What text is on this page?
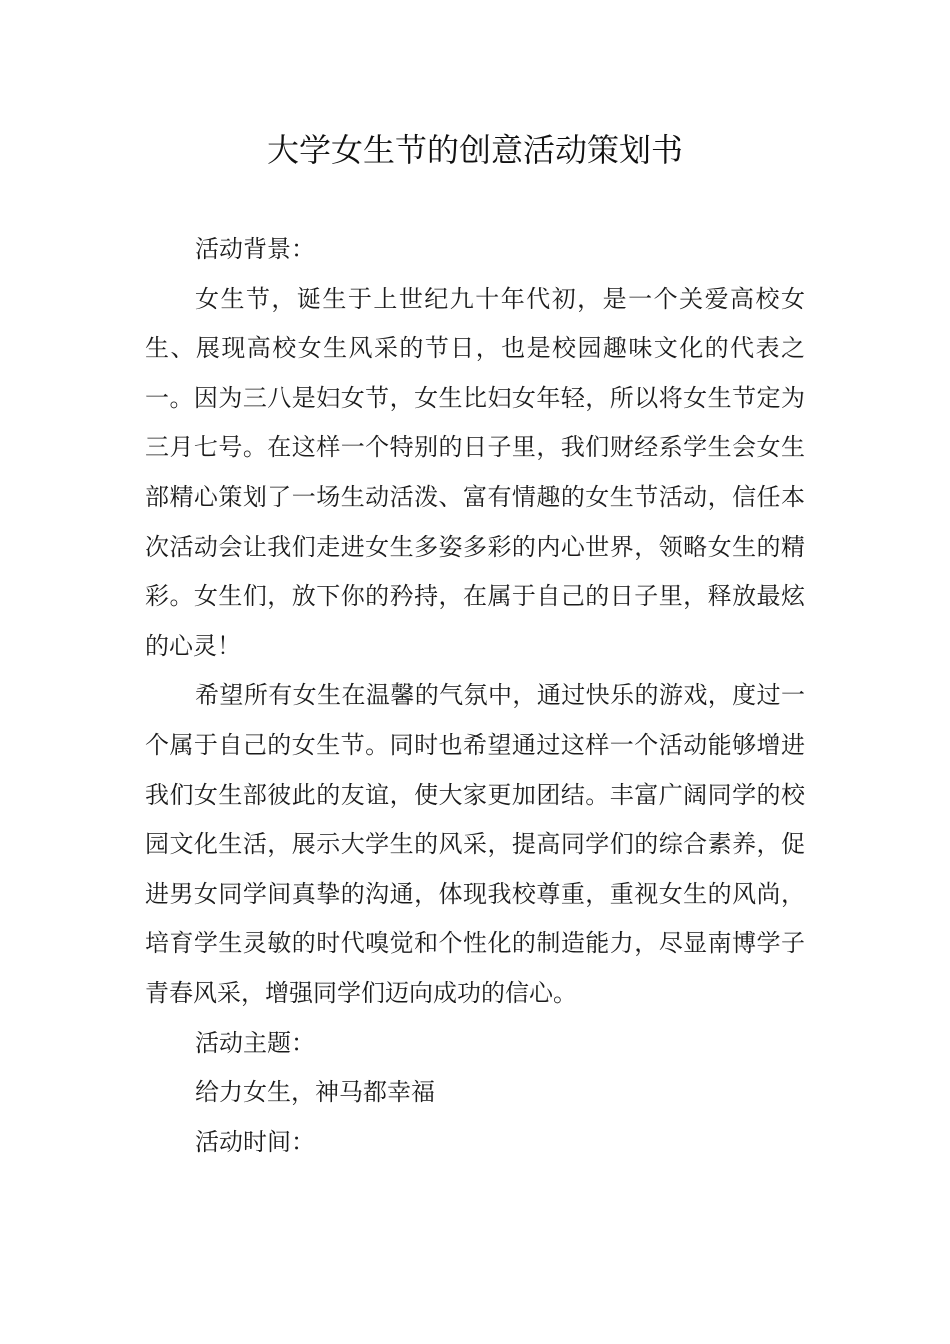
大学女生节的创意活动策划书

活动背景：

女生节，诞生于上世纪九十年代初，是一个关爱高校女生、展现高校女生风采的节日，也是校园趣味文化的代表之一。因为三八是妇女节，女生比妇女年轻，所以将女生节定为三月七号。在这样一个特别的日子里，我们财经系学生会女生部精心策划了一场生动活泼、富有情趣的女生节活动，信任本次活动会让我们走进女生多姿多彩的内心世界，领略女生的精彩。女生们，放下你的矜持，在属于自己的日子里，释放最炫的心灵！

希望所有女生在温馨的气氛中，通过快乐的游戏，度过一个属于自己的女生节。同时也希望通过这样一个活动能够增进我们女生部彼此的友谊，使大家更加团结。丰富广阔同学的校园文化生活，展示大学生的风采，提高同学们的综合素养，促进男女同学间真挚的沟通，体现我校尊重，重视女生的风尚，培育学生灵敏的时代嗅觉和个性化的制造能力，尽显南博学子青春风采，增强同学们迈向成功的信心。

活动主题：

给力女生，神马都幸福

活动时间：
